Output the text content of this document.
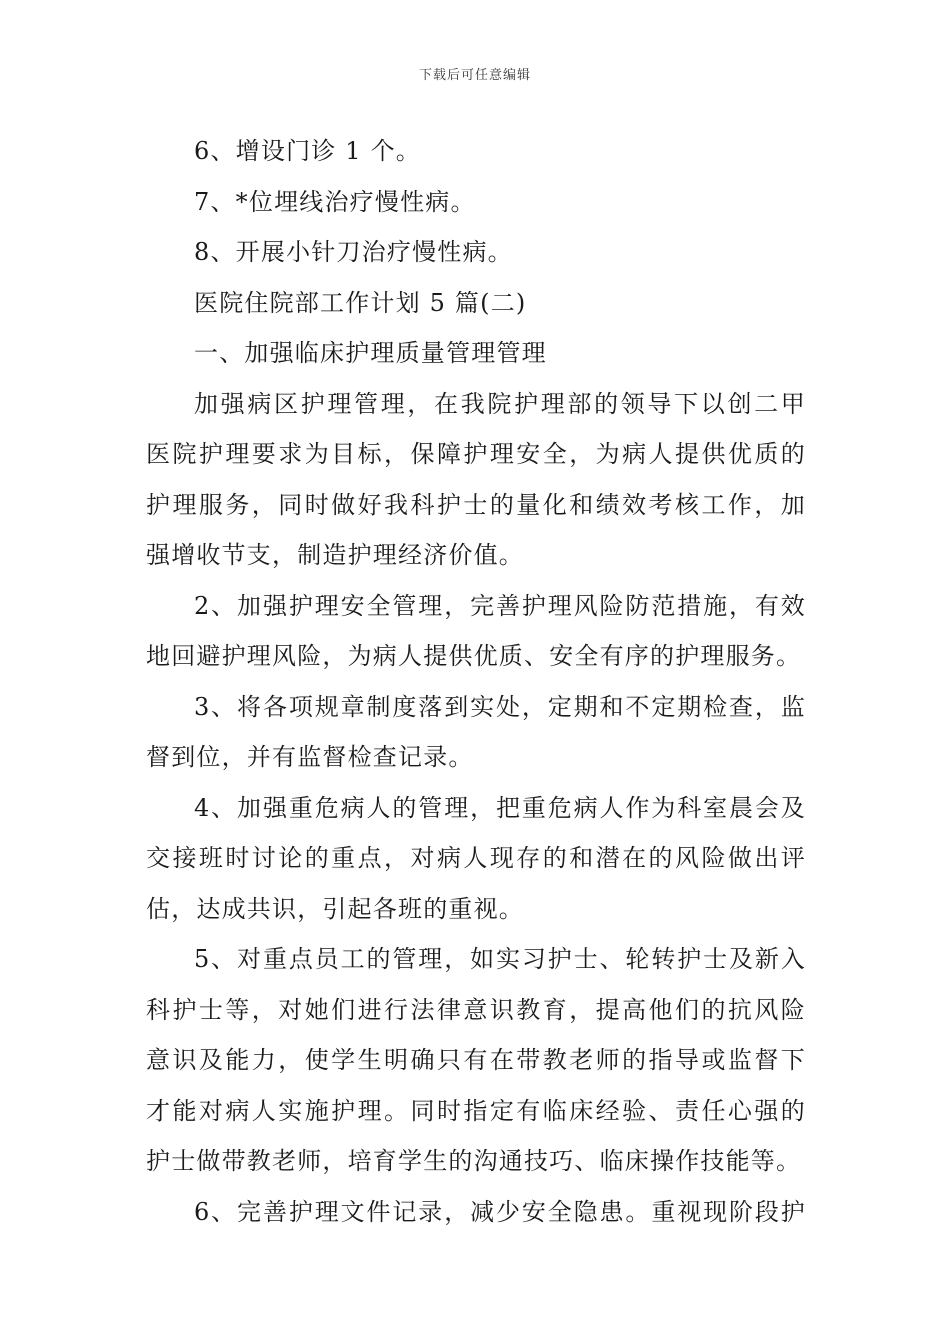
下载后可任意编辑
6、增设门诊 1 个。
7、*位埋线治疗慢性病。
8、开展小针刀治疗慢性病。
医院住院部工作计划 5 篇(二)
一、加强临床护理质量管理管理
加强病区护理管理，在我院护理部的领导下以创二甲
医院护理要求为目标，保障护理安全，为病人提供优质的
护理服务，同时做好我科护士的量化和绩效考核工作，加
强增收节支，制造护理经济价值。
2、加强护理安全管理，完善护理风险防范措施，有效
地回避护理风险，为病人提供优质、安全有序的护理服务。
3、将各项规章制度落到实处，定期和不定期检查，监
督到位，并有监督检查记录。
4、加强重危病人的管理，把重危病人作为科室晨会及
交接班时讨论的重点，对病人现存的和潜在的风险做出评
估，达成共识，引起各班的重视。
5、对重点员工的管理，如实习护士、轮转护士及新入
科护士等，对她们进行法律意识教育，提高他们的抗风险
意识及能力，使学生明确只有在带教老师的指导或监督下
才能对病人实施护理。同时指定有临床经验、责任心强的
护士做带教老师，培育学生的沟通技巧、临床操作技能等。
6、完善护理文件记录，减少安全隐患。重视现阶段护
